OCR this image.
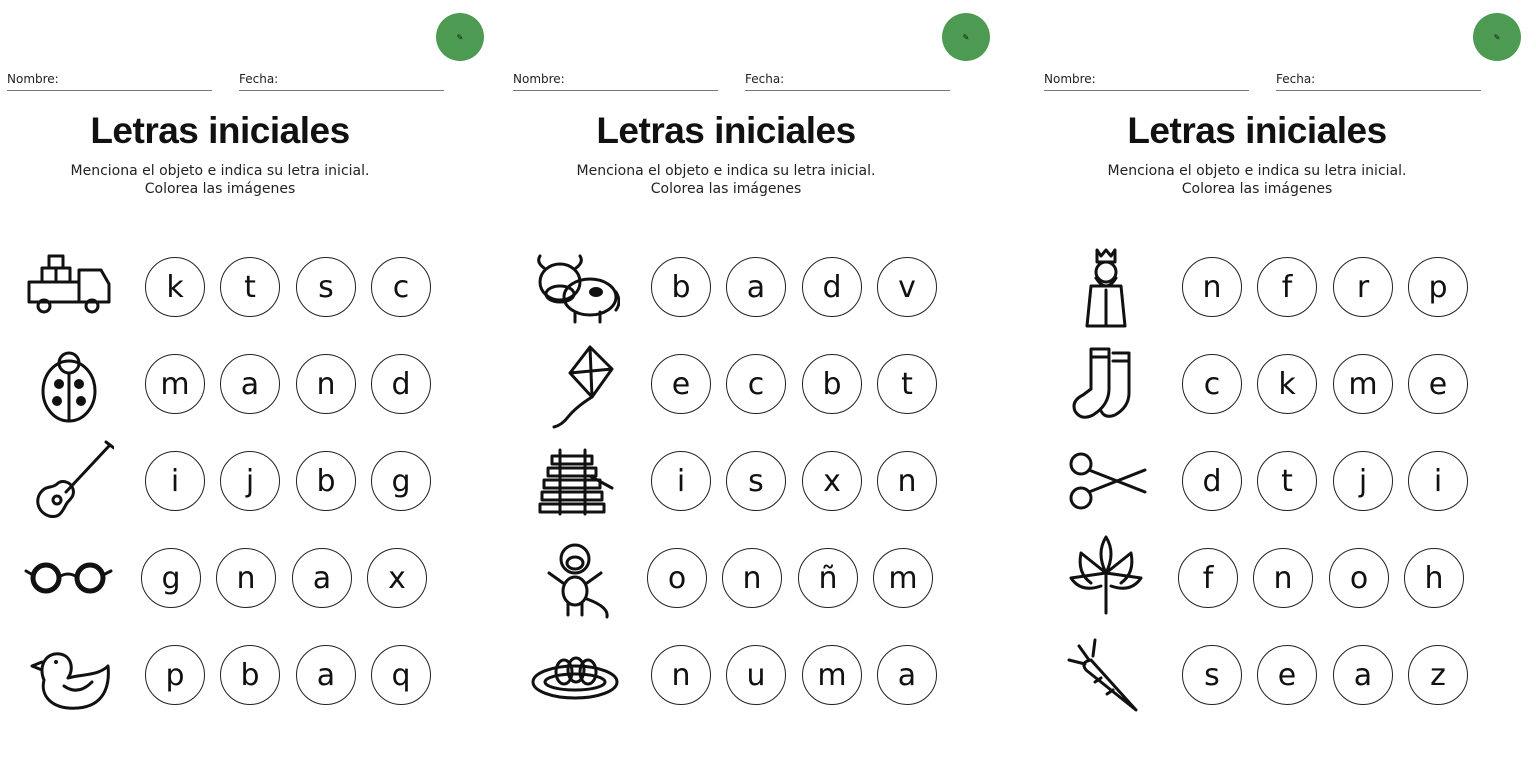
✎
Nombre:	Fecha:
Letras iniciales
Menciona el objeto e indica su letra inicial.
Colorea las imágenes
k	t	s	c
m	a	n	d
i	j	b	g
g	n	a	x
p	b	a	q
✎
Nombre:	Fecha:
Letras iniciales
Menciona el objeto e indica su letra inicial.
Colorea las imágenes
b	a	d	v
e	c	b	t
i	s	x	n
o	n	ñ	m
n	u	m	a
✎
Nombre:	Fecha:
Letras iniciales
Menciona el objeto e indica su letra inicial.
Colorea las imágenes
n	f	r	p
c	k	m	e
d	t	j	i
f	n	o	h
s	e	a	z
